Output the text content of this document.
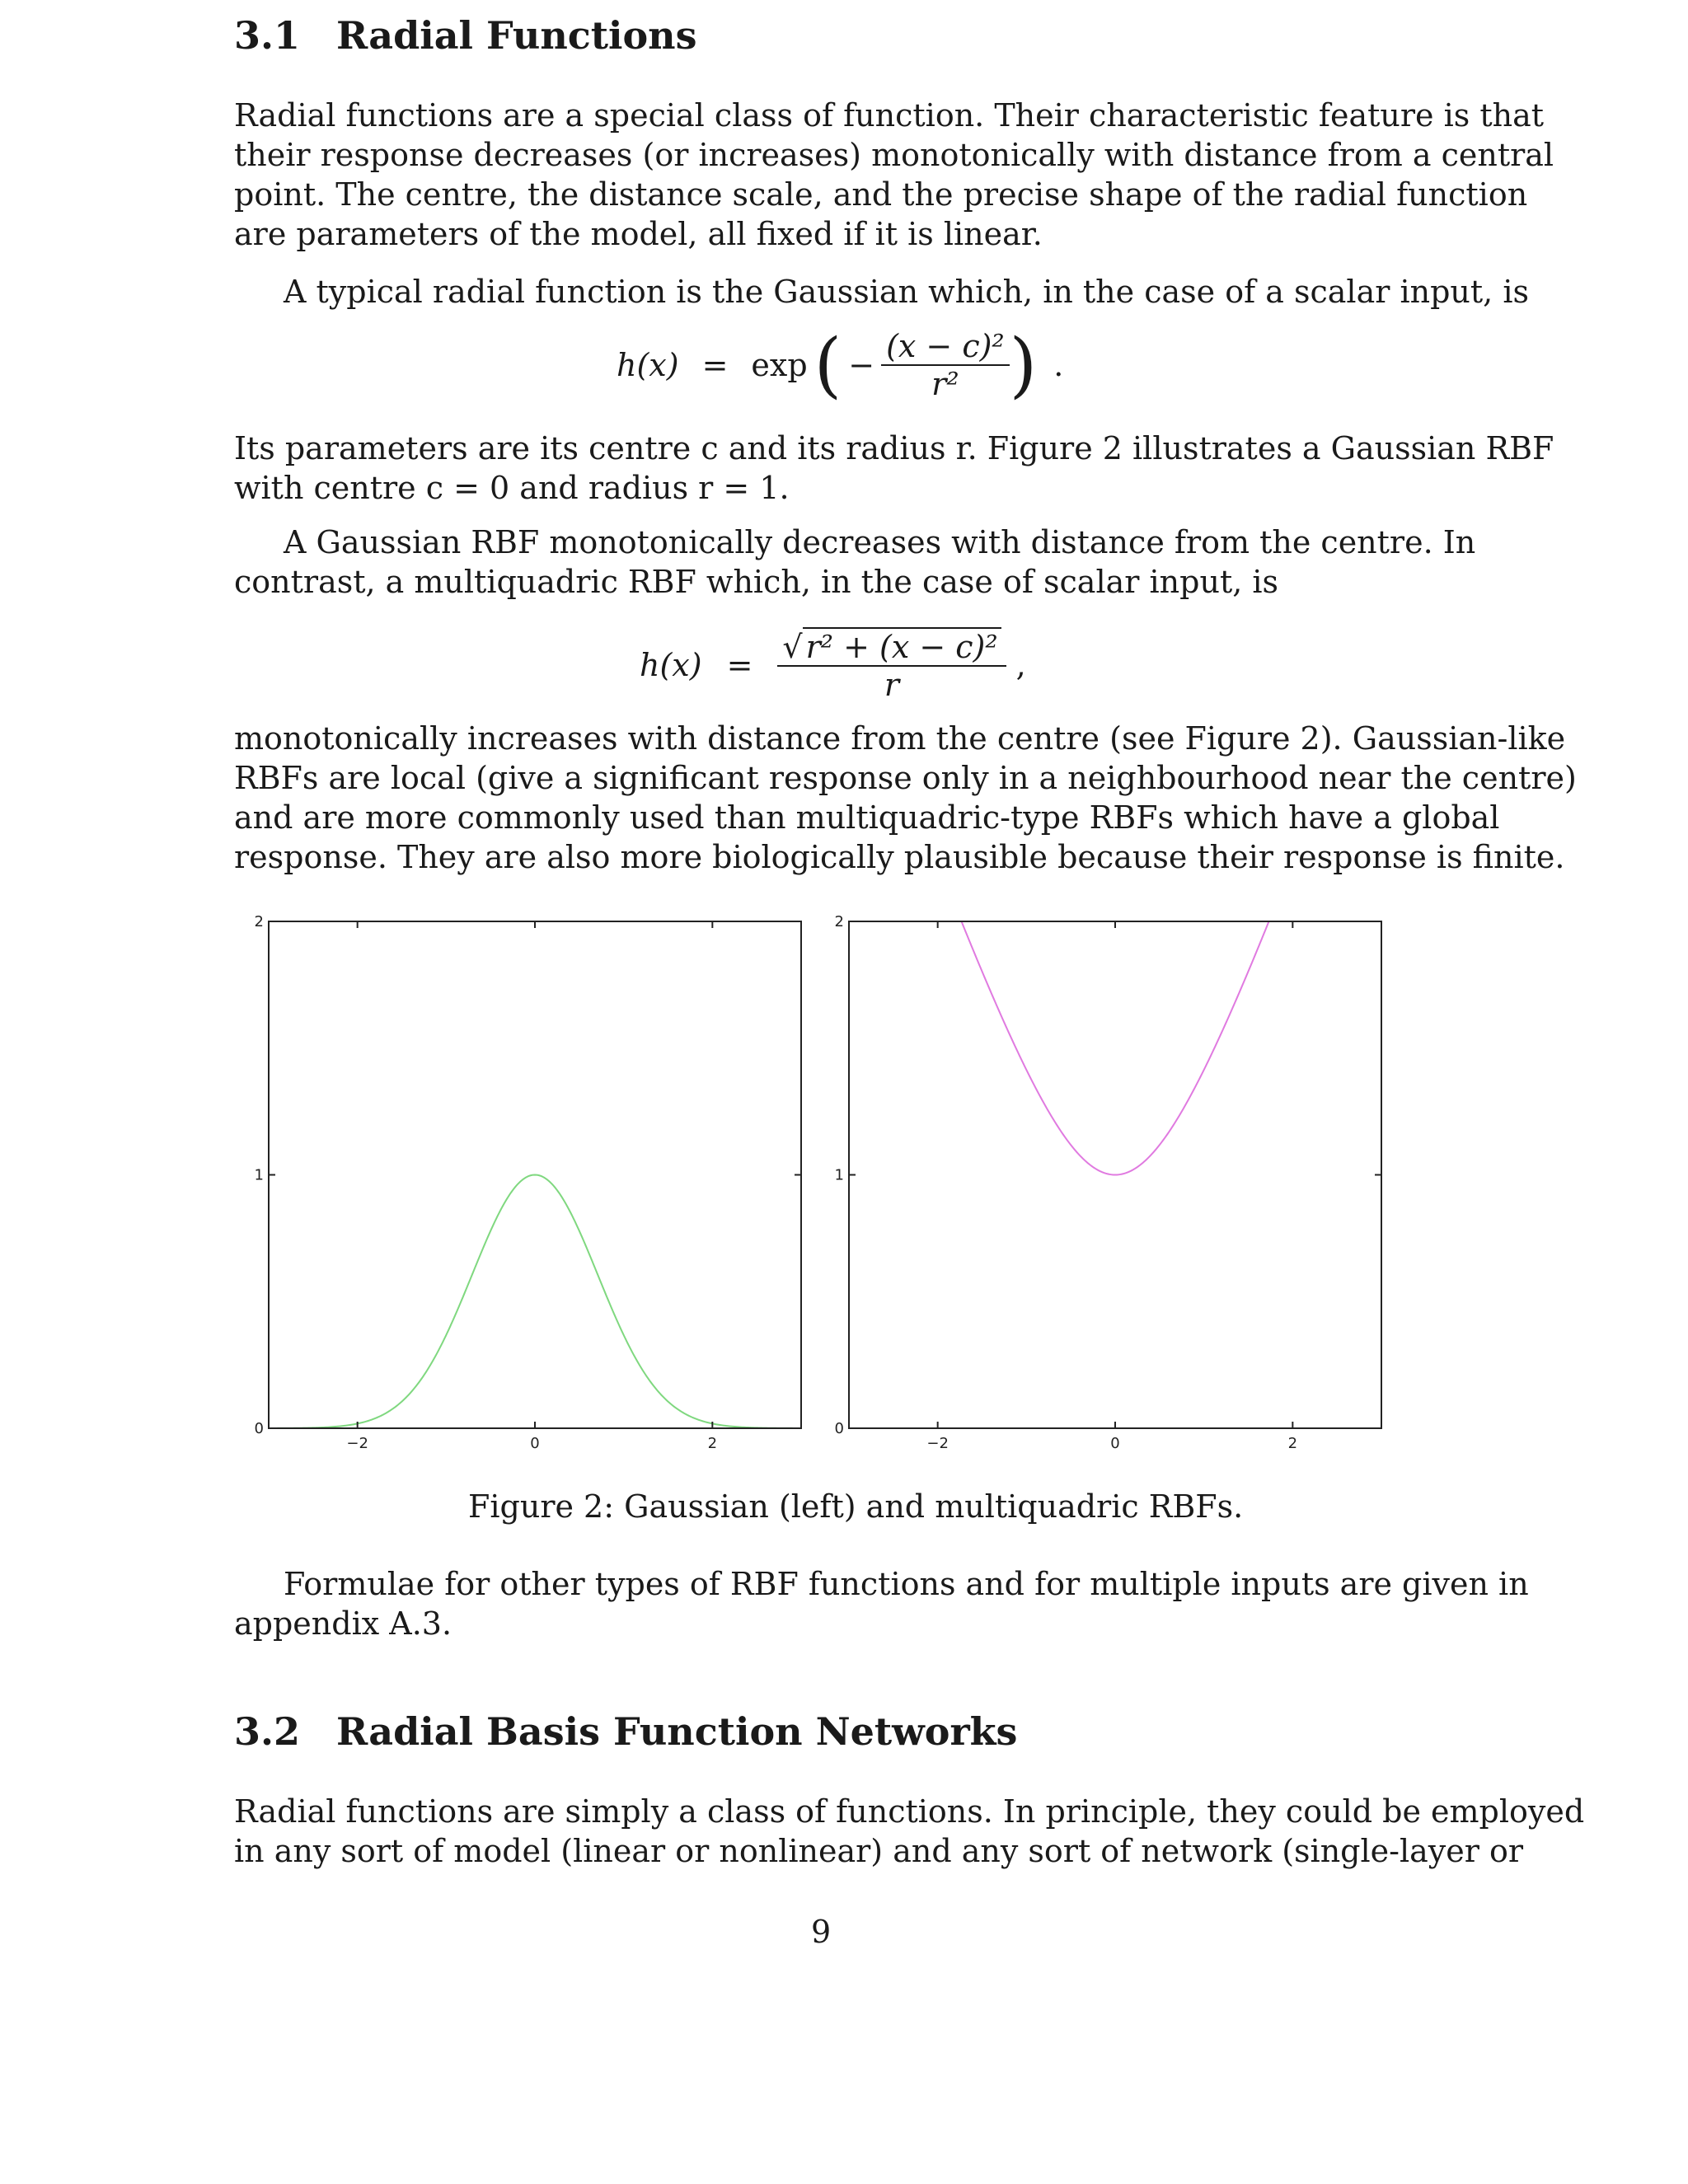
3.1 Radial Functions
Radial functions are a special class of function. Their characteristic feature is that
their response decreases (or increases) monotonically with distance from a central
point. The centre, the distance scale, and the precise shape of the radial function
are parameters of the model, all fixed if it is linear.
A typical radial function is the Gaussian which, in the case of a scalar input, is
h(x) = exp ( − $\frac{\text{(x − c)²}}{\text{r²}}$ ) .
Its parameters are its centre c and its radius r. Figure 2 illustrates a Gaussian RBF
with centre c = 0 and radius r = 1.
A Gaussian RBF monotonically decreases with distance from the centre. In
contrast, a multiquadric RBF which, in the case of scalar input, is
$h(x) = \frac{\text{√ r² + (x − c)²}}{r}$ ,
monotonically increases with distance from the centre (see Figure 2). Gaussian-like
RBFs are local (give a significant response only in a neighbourhood near the centre)
and are more commonly used than multiquadric-type RBFs which have a global
response. They are also more biologically plausible because their response is finite.
−2	0	2
0
1
2
−2	0	2
0
1
2
Figure 2: Gaussian (left) and multiquadric RBFs.
Formulae for other types of RBF functions and for multiple inputs are given in
appendix A.3.
3.2 Radial Basis Function Networks
Radial functions are simply a class of functions. In principle, they could be employed
in any sort of model (linear or nonlinear) and any sort of network (single-layer or
9
